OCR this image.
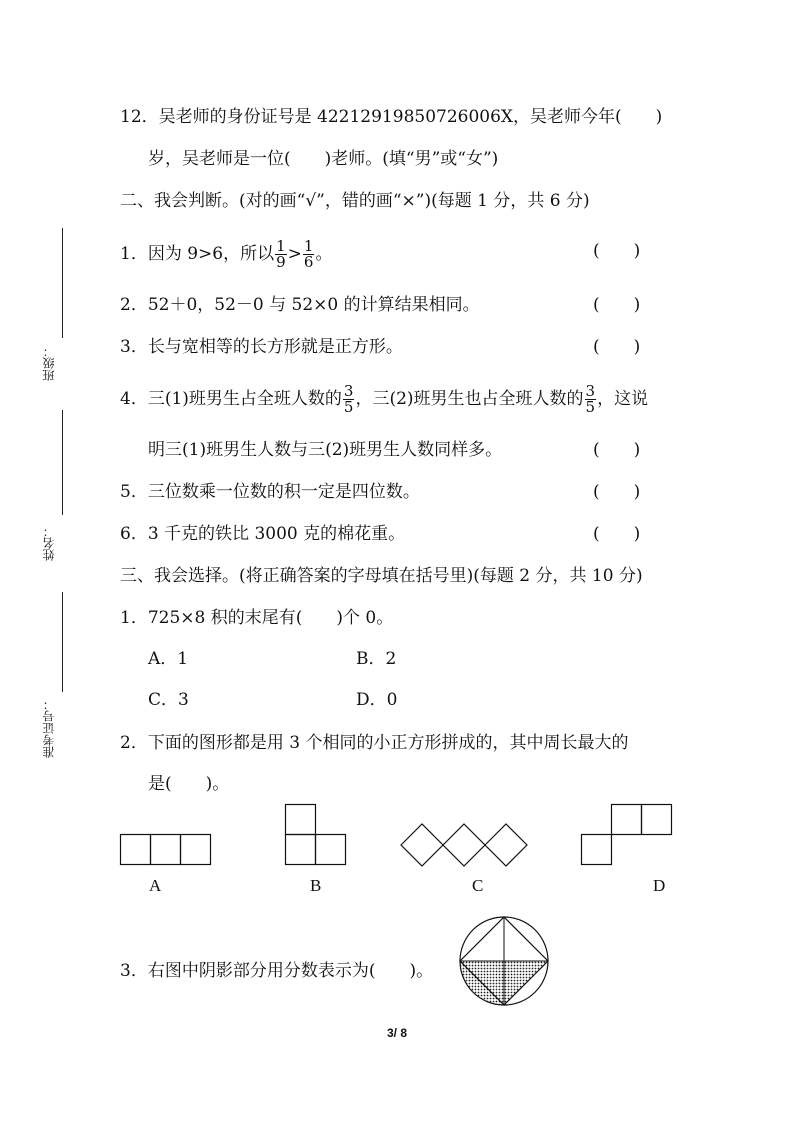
班级：
姓名：
准考证号：
12．吴老师的身份证号是 42212919850726006X，吴老师今年(　　)
岁，吴老师是一位(　　)老师。(填“男”或“女”)
二、我会判断。(对的画“√”，错的画“×”)(每题 1 分，共 6 分)
1．因为 9>6，所以 $\frac{1}{9} > \frac{1}{6}$ 。	(　　)
2．52＋0，52－0 与 52×0 的计算结果相同。	(　　)
3．长与宽相等的长方形就是正方形。	(　　)
4．三(1)班男生占全班人数的 $\frac{3}{5}$ ，三(2)班男生也占全班人数的 $\frac{3}{5}$ ，这说
明三(1)班男生人数与三(2)班男生人数同样多。	(　　)
5．三位数乘一位数的积一定是四位数。	(　　)
6．3 千克的铁比 3000 克的棉花重。	(　　)
三、我会选择。(将正确答案的字母填在括号里)(每题 2 分，共 10 分)
1．725×8 积的末尾有(　　)个 0。
A．1	B．2
C．3	D．0
2．下面的图形都是用 3 个相同的小正方形拼成的，其中周长最大的
是(　　)。
A	B	C	D
3．右图中阴影部分用分数表示为(　　)。
3/ 8
